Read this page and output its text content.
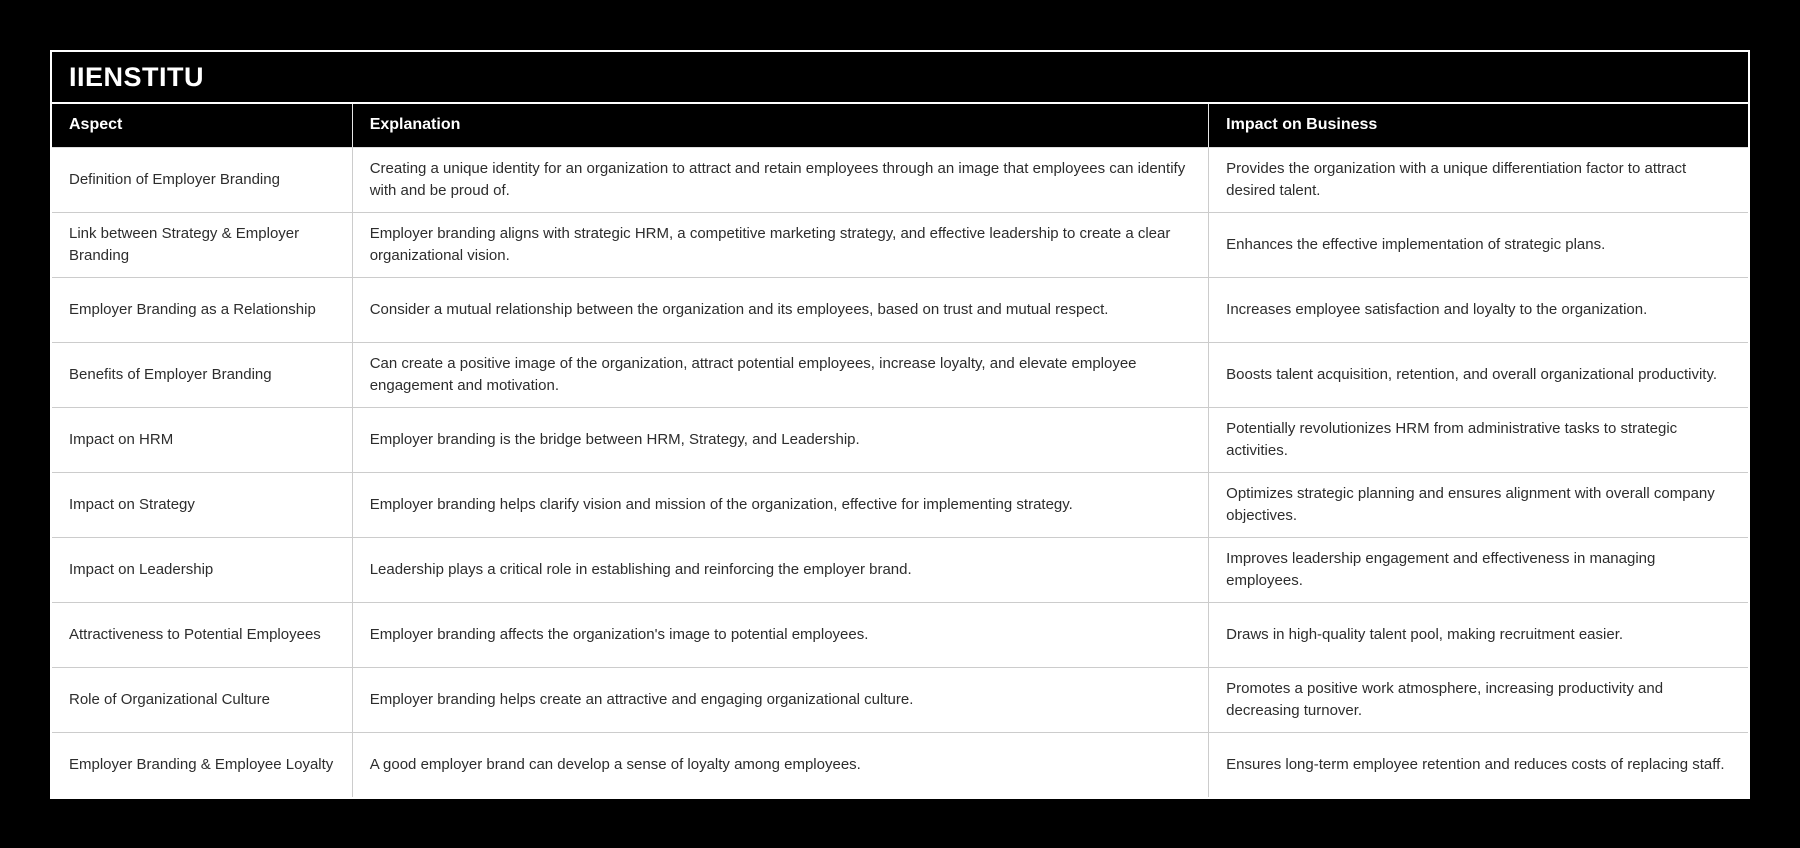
IIENSTITU
Aspect	Explanation	Impact on Business
Definition of Employer Branding	Creating a unique identity for an organization to attract and retain employees through an image that employees can identify with and be proud of.	Provides the organization with a unique differentiation factor to attract desired talent.
Link between Strategy & Employer Branding	Employer branding aligns with strategic HRM, a competitive marketing strategy, and effective leadership to create a clear organizational vision.	Enhances the effective implementation of strategic plans.
Employer Branding as a Relationship	Consider a mutual relationship between the organization and its employees, based on trust and mutual respect.	Increases employee satisfaction and loyalty to the organization.
Benefits of Employer Branding	Can create a positive image of the organization, attract potential employees, increase loyalty, and elevate employee engagement and motivation.	Boosts talent acquisition, retention, and overall organizational productivity.
Impact on HRM	Employer branding is the bridge between HRM, Strategy, and Leadership.	Potentially revolutionizes HRM from administrative tasks to strategic activities.
Impact on Strategy	Employer branding helps clarify vision and mission of the organization, effective for implementing strategy.	Optimizes strategic planning and ensures alignment with overall company objectives.
Impact on Leadership	Leadership plays a critical role in establishing and reinforcing the employer brand.	Improves leadership engagement and effectiveness in managing employees.
Attractiveness to Potential Employees	Employer branding affects the organization's image to potential employees.	Draws in high-quality talent pool, making recruitment easier.
Role of Organizational Culture	Employer branding helps create an attractive and engaging organizational culture.	Promotes a positive work atmosphere, increasing productivity and decreasing turnover.
Employer Branding & Employee Loyalty	A good employer brand can develop a sense of loyalty among employees.	Ensures long-term employee retention and reduces costs of replacing staff.
